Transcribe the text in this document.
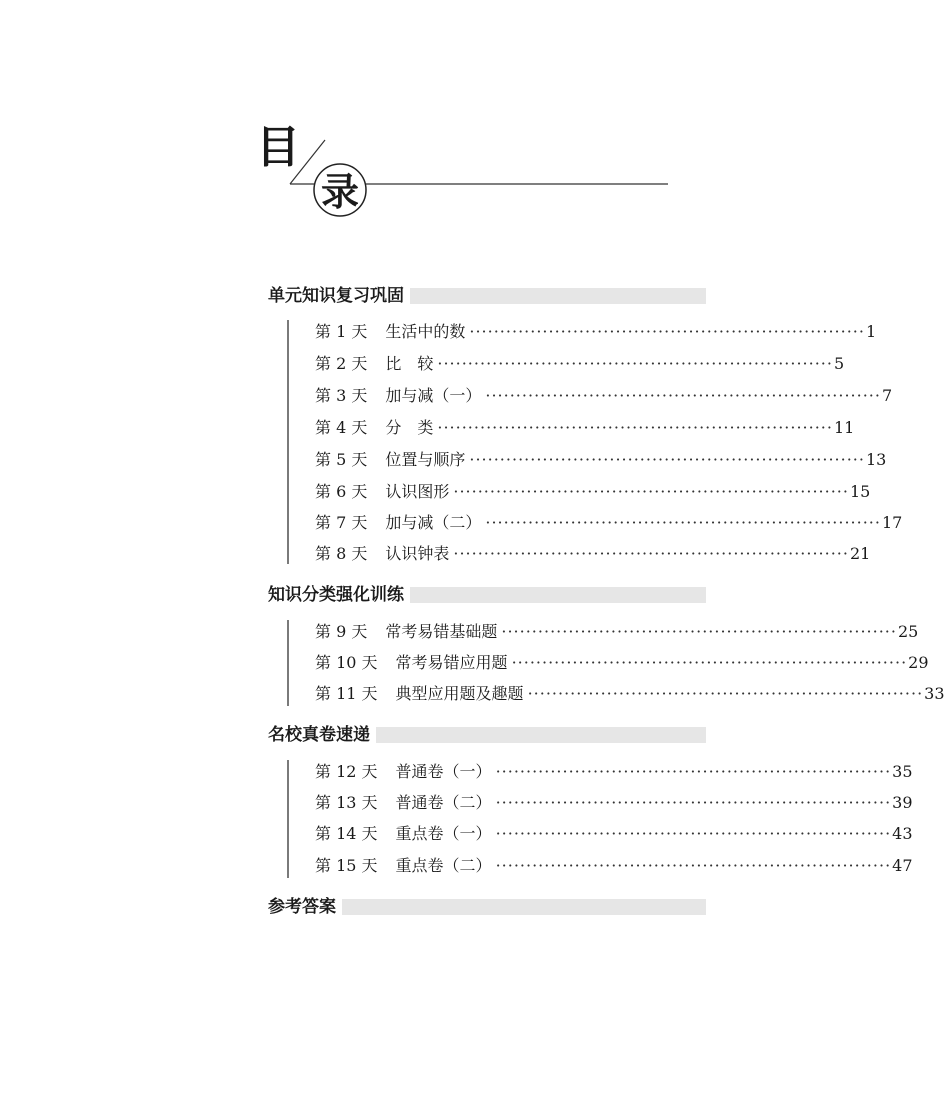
目
录
单元知识复习巩固
第 1 天 生活中的数 ································································· 1
第 2 天 比　较 ································································· 5
第 3 天 加与减（一） ································································· 7
第 4 天 分　类 ································································· 11
第 5 天 位置与顺序 ································································· 13
第 6 天 认识图形 ································································· 15
第 7 天 加与减（二） ································································· 17
第 8 天 认识钟表 ································································· 21
知识分类强化训练
第 9 天 常考易错基础题 ································································· 25
第 10 天 常考易错应用题 ································································· 29
第 11 天 典型应用题及趣题 ································································· 33
名校真卷速递
第 12 天 普通卷（一） ································································· 35
第 13 天 普通卷（二） ································································· 39
第 14 天 重点卷（一） ································································· 43
第 15 天 重点卷（二） ································································· 47
参考答案
